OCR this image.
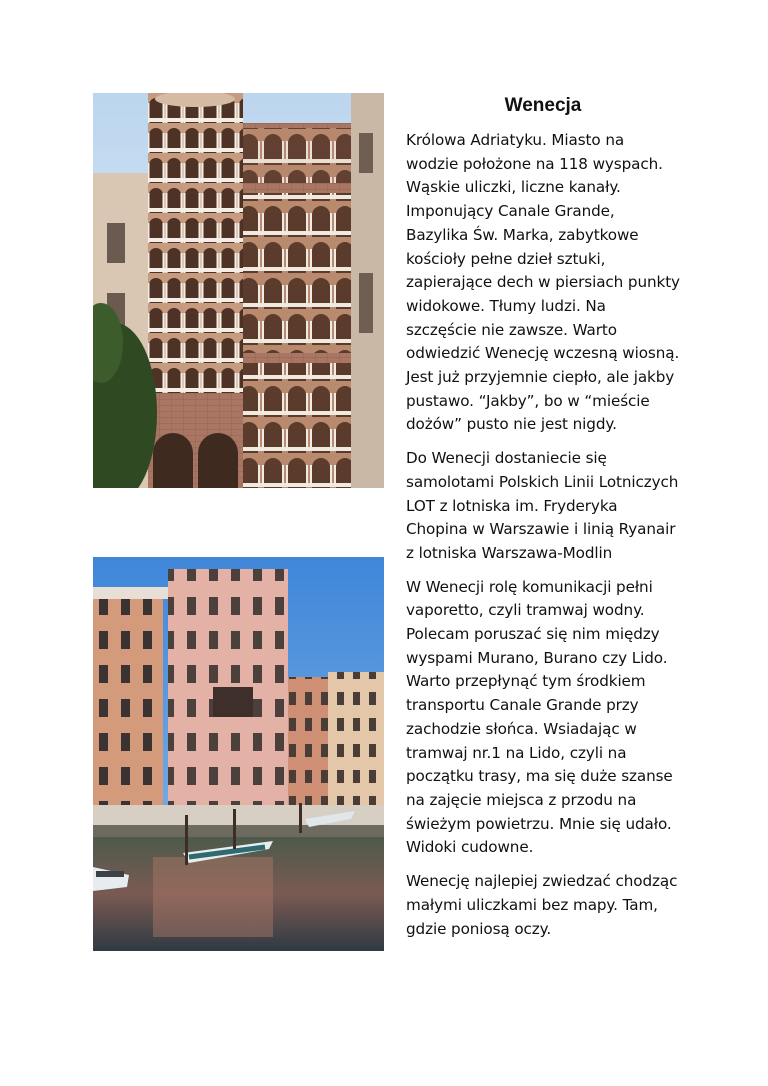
Wenecja

Królowa Adriatyku. Miasto na wodzie położone na 118 wyspach. Wąskie uliczki, liczne kanały. Imponujący Canale Grande, Bazylika Św. Marka, zabytkowe kościoły pełne dzieł sztuki, zapierające dech w piersiach punkty widokowe. Tłumy ludzi. Na szczęście nie zawsze. Warto odwiedzić Wenecję wczesną wiosną. Jest już przyjemnie ciepło, ale jakby pustawo. “Jakby”, bo w “mieście dożów” pusto nie jest nigdy.

Do Wenecji dostaniecie się samolotami Polskich Linii Lotniczych LOT z lotniska im. Fryderyka Chopina w Warszawie i linią Ryanair z lotniska Warszawa-Modlin

W Wenecji rolę komunikacji pełni vaporetto, czyli tramwaj wodny. Polecam poruszać się nim między wyspami Murano, Burano czy Lido. Warto przepłynąć tym środkiem transportu Canale Grande przy zachodzie słońca. Wsiadając w tramwaj nr.1 na Lido, czyli na początku trasy, ma się duże szanse na zajęcie miejsca z przodu na świeżym powietrzu. Mnie się udało. Widoki cudowne.

Wenecję najlepiej zwiedzać chodząc małymi uliczkami bez mapy. Tam, gdzie poniosą oczy.
